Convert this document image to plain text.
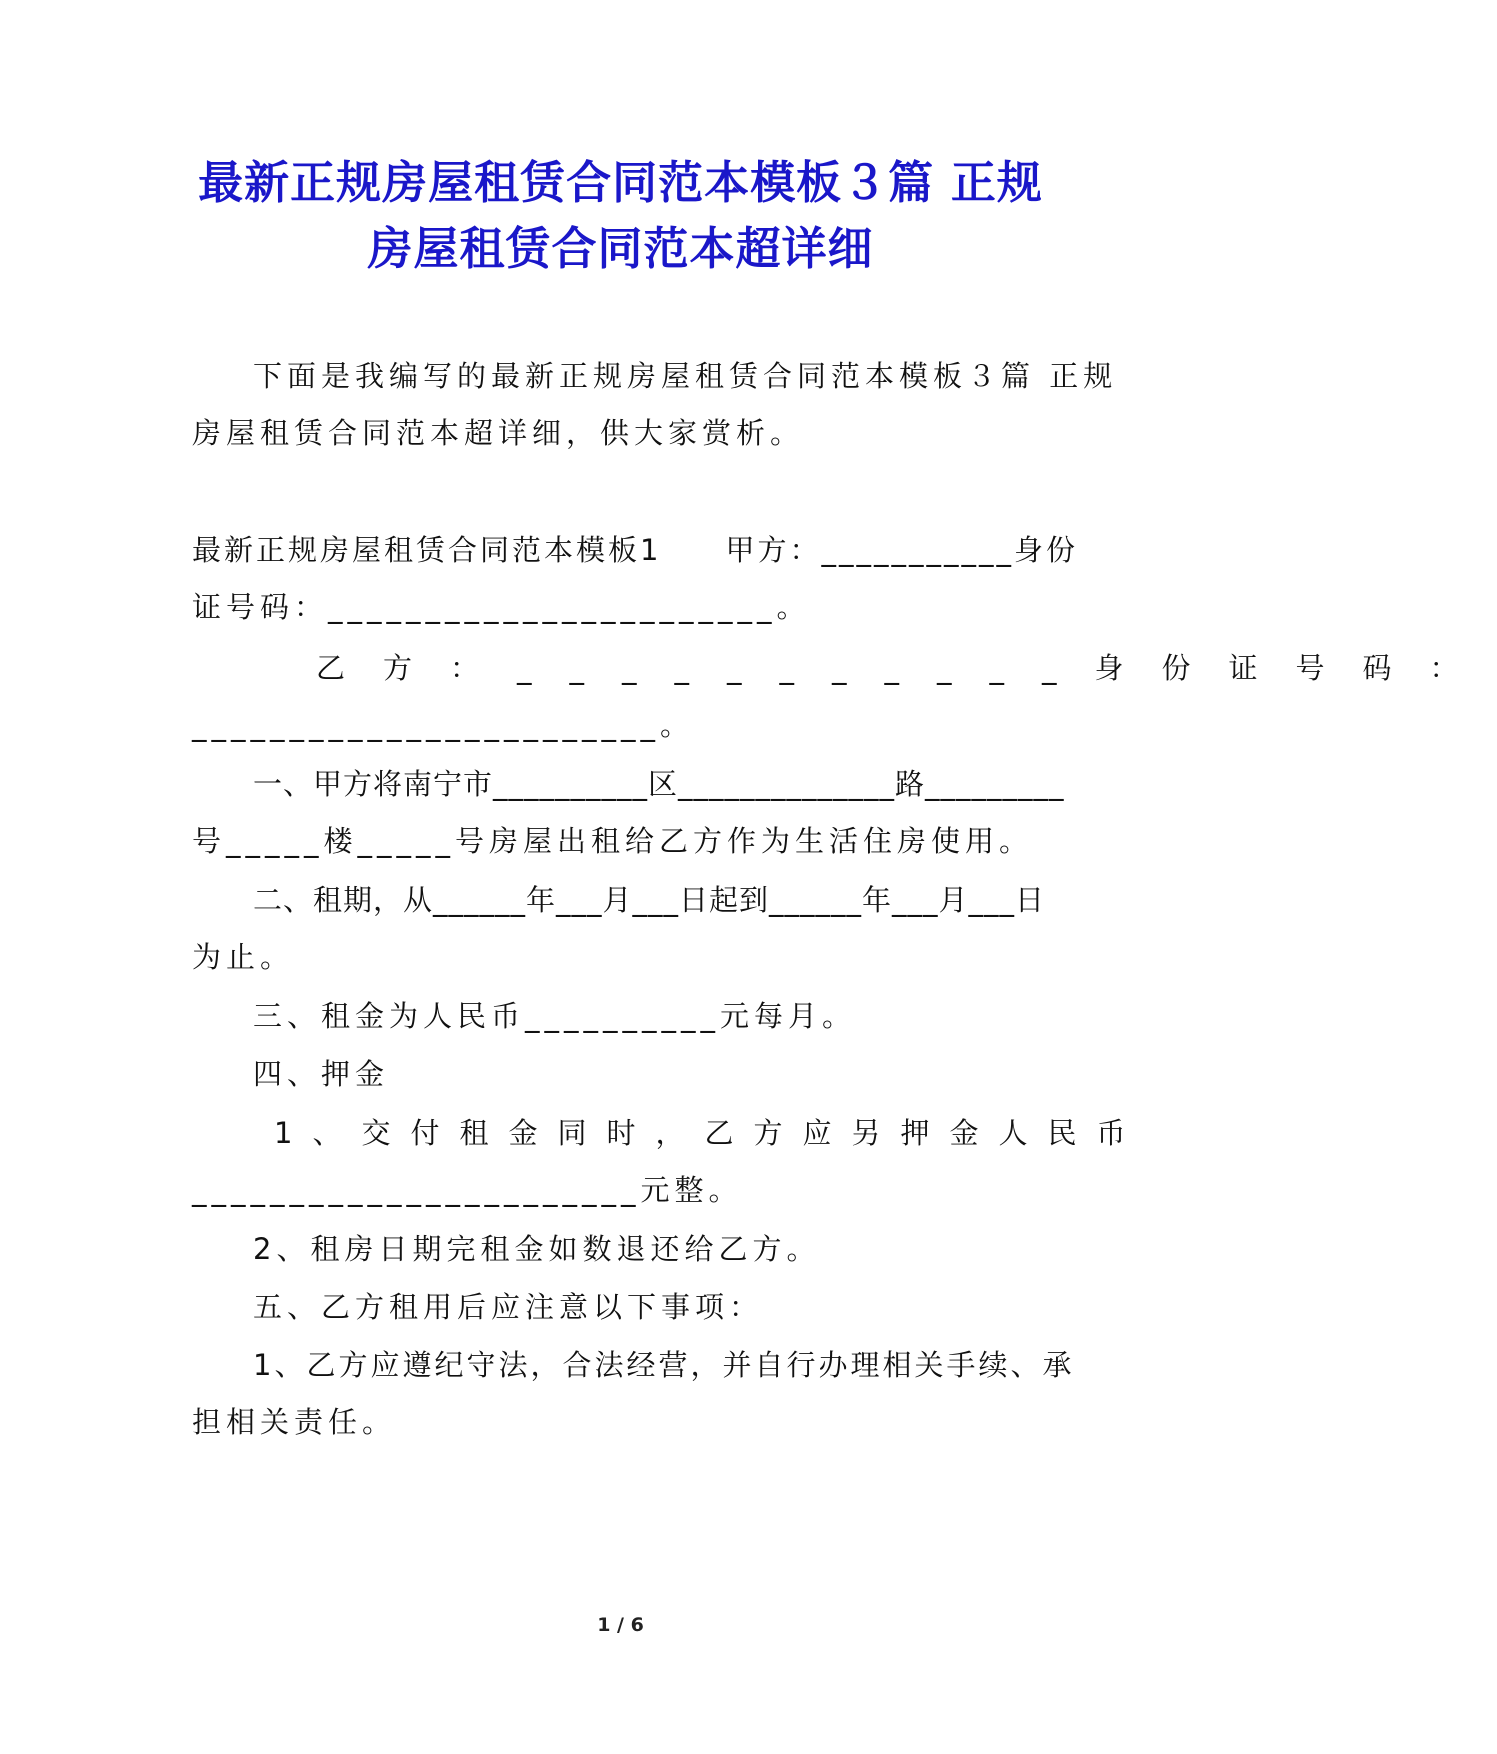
最新正规房屋租赁合同范本模板３篇 正规
房屋租赁合同范本超详细
下面是我编写的最新正规房屋租赁合同范本模板３篇 正规
房屋租赁合同范本超详细，供大家赏析。
最新正规房屋租赁合同范本模板1　　甲方：___________身份
证号码：_______________________。
乙方：___________身份证号码：
________________________。
一、甲方将南宁市__________区______________路_________
号_____楼_____号房屋出租给乙方作为生活住房使用。
二、租期，从______年___月___日起到______年___月___日
为止。
三、租金为人民币__________元每月。
四、押金
1、交付租金同时，乙方应另押金人民币
_______________________元整。
2、租房日期完租金如数退还给乙方。
五、乙方租用后应注意以下事项：
1、乙方应遵纪守法，合法经营，并自行办理相关手续、承
担相关责任。
1 / 6
